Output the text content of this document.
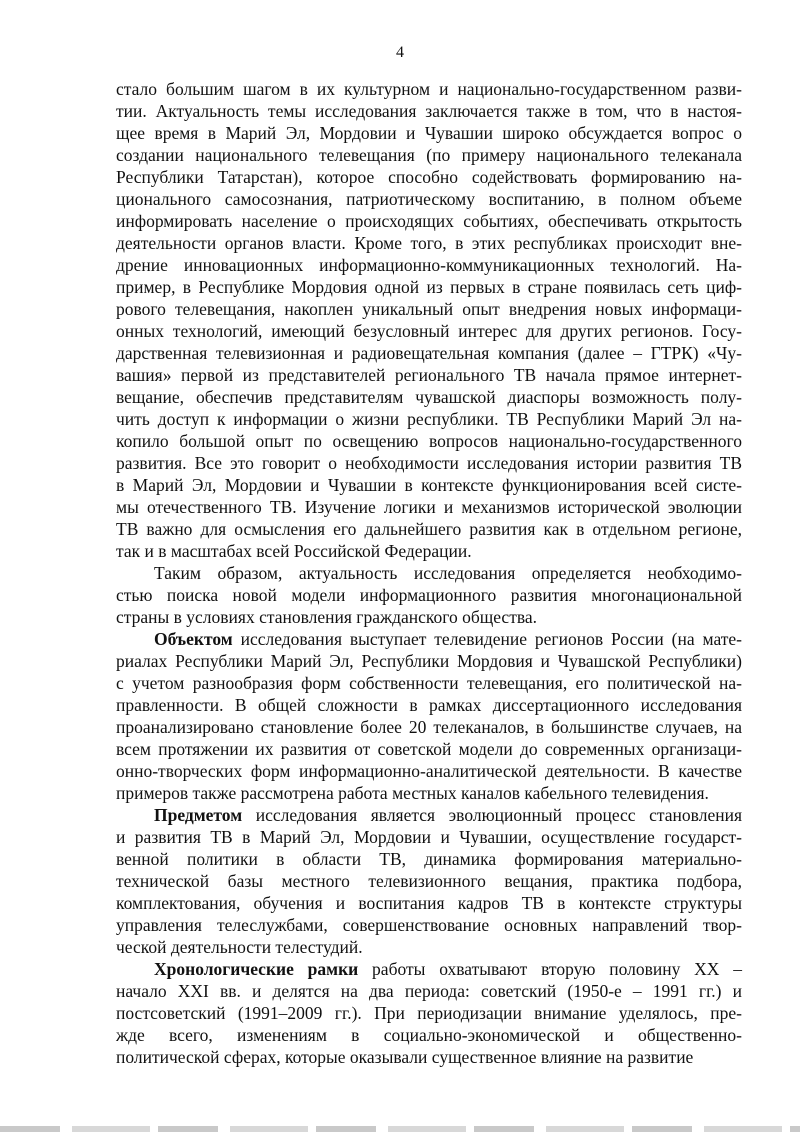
4
стало большим шагом в их культурном и национально-государственном разви-
тии. Актуальность темы исследования заключается также в том, что в настоя-
щее время в Марий Эл, Мордовии и Чувашии широко обсуждается вопрос о
создании национального телевещания (по примеру национального телеканала
Республики Татарстан), которое способно содействовать формированию на-
ционального самосознания, патриотическому воспитанию, в полном объеме
информировать население о происходящих событиях, обеспечивать открытость
деятельности органов власти. Кроме того, в этих республиках происходит вне-
дрение инновационных информационно-коммуникационных технологий. На-
пример, в Республике Мордовия одной из первых в стране появилась сеть циф-
рового телевещания, накоплен уникальный опыт внедрения новых информаци-
онных технологий, имеющий безусловный интерес для других регионов. Госу-
дарственная телевизионная и радиовещательная компания (далее – ГТРК) «Чу-
вашия» первой из представителей регионального ТВ начала прямое интернет-
вещание, обеспечив представителям чувашской диаспоры возможность полу-
чить доступ к информации о жизни республики. ТВ Республики Марий Эл на-
копило большой опыт по освещению вопросов национально-государственного
развития. Все это говорит о необходимости исследования истории развития ТВ
в Марий Эл, Мордовии и Чувашии в контексте функционирования всей систе-
мы отечественного ТВ. Изучение логики и механизмов исторической эволюции
ТВ важно для осмысления его дальнейшего развития как в отдельном регионе,
так и в масштабах всей Российской Федерации.
Таким образом, актуальность исследования определяется необходимо-
стью поиска новой модели информационного развития многонациональной
страны в условиях становления гражданского общества.
Объектом исследования выступает телевидение регионов России (на мате-
риалах Республики Марий Эл, Республики Мордовия и Чувашской Республики)
с учетом разнообразия форм собственности телевещания, его политической на-
правленности. В общей сложности в рамках диссертационного исследования
проанализировано становление более 20 телеканалов, в большинстве случаев, на
всем протяжении их развития от советской модели до современных организаци-
онно-творческих форм информационно-аналитической деятельности. В качестве
примеров также рассмотрена работа местных каналов кабельного телевидения.
Предметом исследования является эволюционный процесс становления
и развития ТВ в Марий Эл, Мордовии и Чувашии, осуществление государст-
венной политики в области ТВ, динамика формирования материально-
технической базы местного телевизионного вещания, практика подбора,
комплектования, обучения и воспитания кадров ТВ в контексте структуры
управления телеслужбами, совершенствование основных направлений твор-
ческой деятельности телестудий.
Хронологические рамки работы охватывают вторую половину XX –
начало XXI вв. и делятся на два периода: советский (1950-е – 1991 гг.) и
постсоветский (1991–2009 гг.). При периодизации внимание уделялось, пре-
жде всего, изменениям в социально-экономической и общественно-
политической сферах, которые оказывали существенное влияние на развитие
